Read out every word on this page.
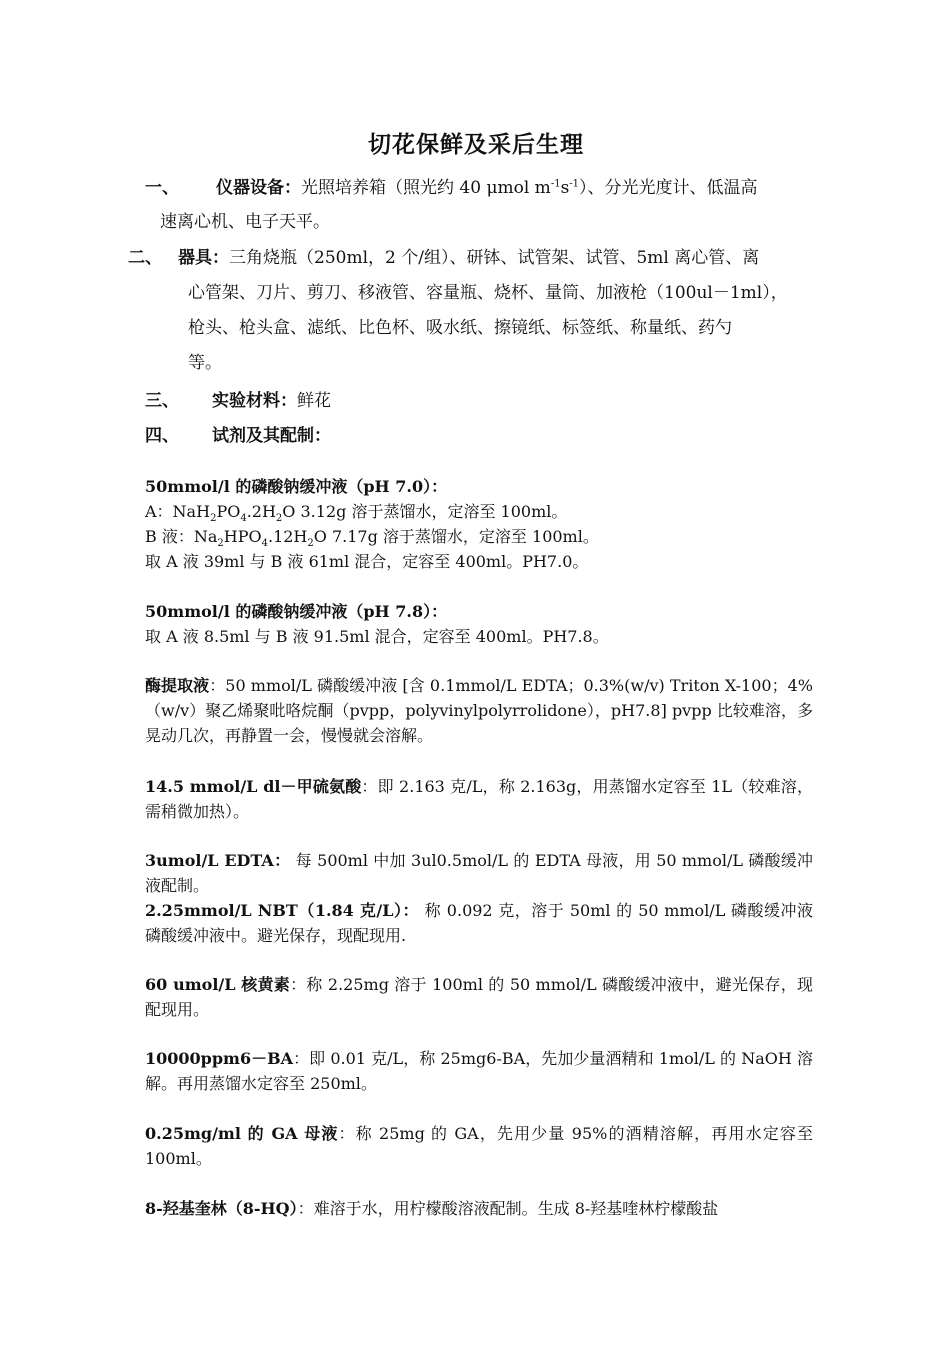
切花保鲜及采后生理
一、 仪器设备：光照培养箱（照光约 40 μmol $m^{-1}s^{-1}$）、分光光度计、低温高
速离心机、电子天平。
二、 器具：三角烧瓶（250ml，2 个/组）、研钵、试管架、试管、5ml 离心管、离
心管架、刀片、剪刀、移液管、容量瓶、烧杯、量筒、加液枪（100ul－1ml），
枪头、枪头盒、滤纸、比色杯、吸水纸、擦镜纸、标签纸、称量纸、药勺
等。
三、 实验材料：鲜花
四、 试剂及其配制：
50mmol/l 的磷酸钠缓冲液（pH 7.0）：
A：$NaH_2PO_4.2H_2O$ 3.12g 溶于蒸馏水，定溶至 100ml。
B 液：$Na_2HPO_4.12H_2O$ 7.17g 溶于蒸馏水，定溶至 100ml。
取 A 液 39ml 与 B 液 61ml 混合，定容至 400ml。PH7.0。
50mmol/l 的磷酸钠缓冲液（pH 7.8）：
取 A 液 8.5ml 与 B 液 91.5ml 混合，定容至 400ml。PH7.8。
酶提取液：50 mmol/L 磷酸缓冲液 [含 0.1mmol/L EDTA；0.3%(w/v) Triton X-100；4%（w/v）聚乙烯聚吡咯烷酮（pvpp，polyvinylpolyrrolidone），pH7.8] pvpp 比较难溶，多晃动几次，再静置一会，慢慢就会溶解。
14.5 mmol/L dl－甲硫氨酸：即 2.163 克/L，称 2.163g，用蒸馏水定容至 1L（较难溶，需稍微加热）。
3umol/L EDTA： 每 500ml 中加 3ul0.5mol/L 的 EDTA 母液，用 50 mmol/L 磷酸缓冲液配制。
2.25mmol/L NBT（1.84 克/L）： 称 0.092 克，溶于 50ml 的 50 mmol/L 磷酸缓冲液磷酸缓冲液中。避光保存，现配现用.
60 umol/L 核黄素：称 2.25mg 溶于 100ml 的 50 mmol/L 磷酸缓冲液中，避光保存，现配现用。
10000ppm6－BA：即 0.01 克/L，称 25mg6-BA，先加少量酒精和 1mol/L 的 NaOH 溶解。再用蒸馏水定容至 250ml。
0.25mg/ml 的 GA 母液：称 25mg 的 GA，先用少量 95%的酒精溶解，再用水定容至 100ml。
8-羟基奎林（8-HQ）：难溶于水，用柠檬酸溶液配制。生成 8-羟基喹林柠檬酸盐
